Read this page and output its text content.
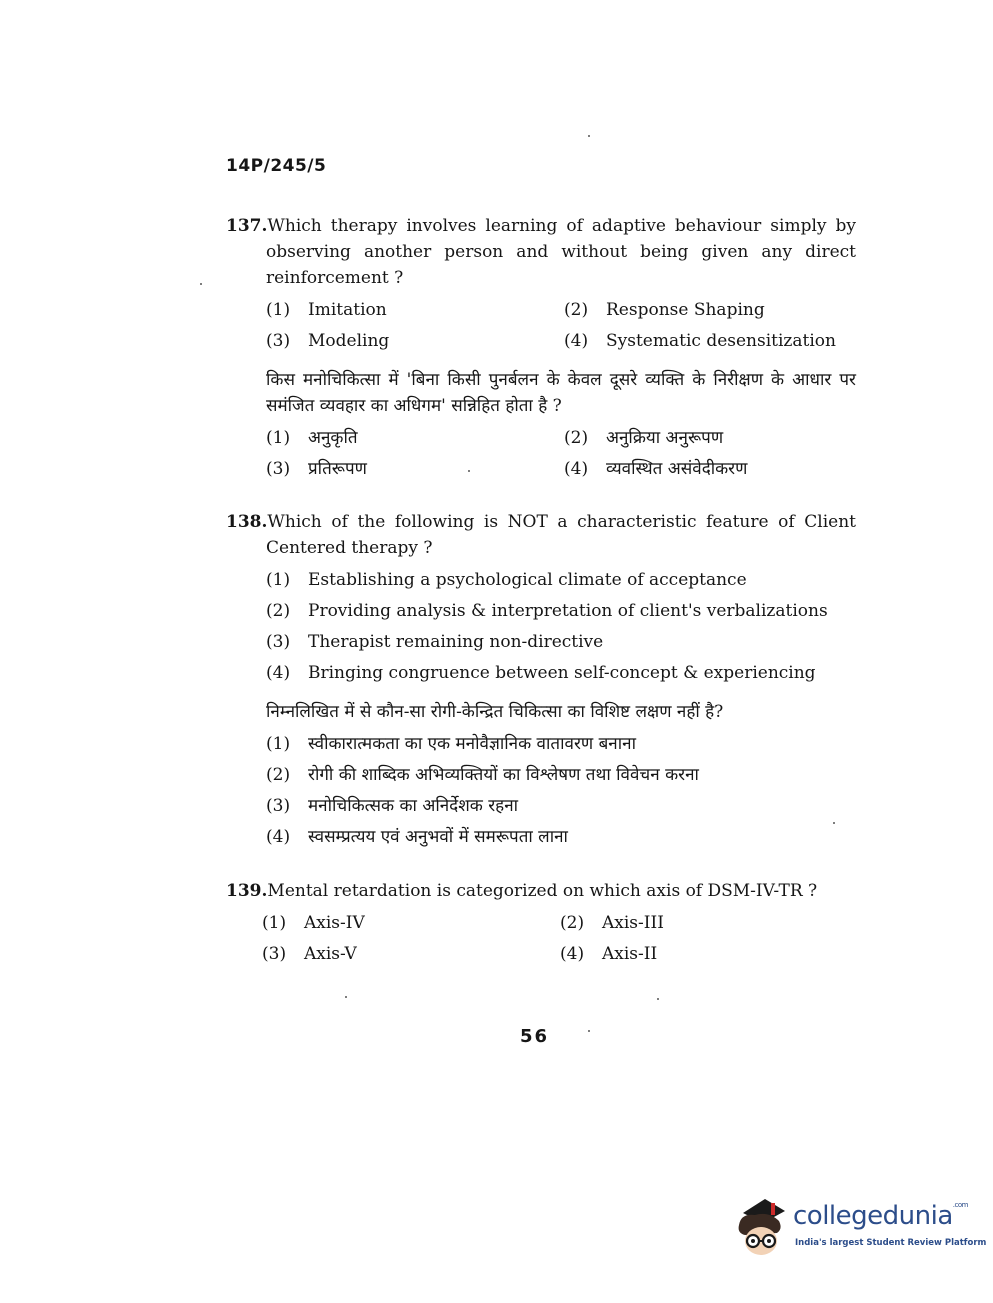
14P/245/5
137.Which therapy involves learning of adaptive behaviour simply by observing another person and without being given any direct reinforcement ?
(1) Imitation	(2) Response Shaping
(3) Modeling	(4) Systematic desensitization
किस मनोचिकित्सा में 'बिना किसी पुनर्बलन के केवल दूसरे व्यक्ति के निरीक्षण के आधार पर समंजित व्यवहार का अधिगम' सन्निहित होता है ?
(1) अनुकृति	(2) अनुक्रिया अनुरूपण
(3) प्रतिरूपण	(4) व्यवस्थित असंवेदीकरण
138.Which of the following is NOT a characteristic feature of Client Centered therapy ?
(1) Establishing a psychological climate of acceptance
(2) Providing analysis & interpretation of client's verbalizations
(3) Therapist remaining non-directive
(4) Bringing congruence between self-concept & experiencing
निम्नलिखित में से कौन-सा रोगी-केन्द्रित चिकित्सा का विशिष्ट लक्षण नहीं है?
(1) स्वीकारात्मकता का एक मनोवैज्ञानिक वातावरण बनाना
(2) रोगी की शाब्दिक अभिव्यक्तियों का विश्लेषण तथा विवेचन करना
(3) मनोचिकित्सक का अनिर्देशक रहना
(4) स्वसम्प्रत्यय एवं अनुभवों में समरूपता लाना
139.Mental retardation is categorized on which axis of DSM-IV-TR ?
(1) Axis-IV	(2) Axis-III
(3) Axis-V	(4) Axis-II
56
collegedunia$^{.com}$
India's largest Student Review Platform
